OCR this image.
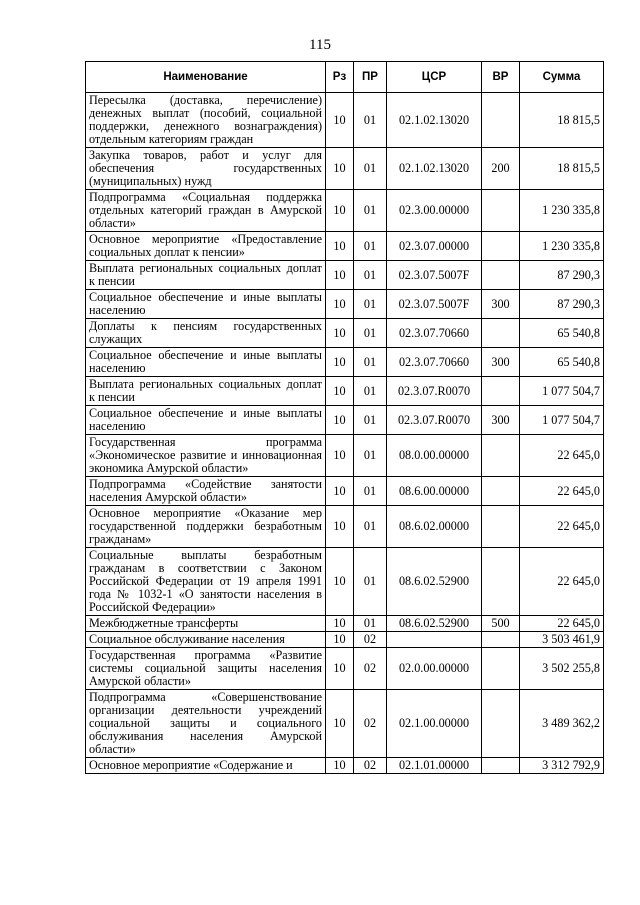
115
Наименование	Рз	ПР	ЦСР	ВР	Сумма
Пересылка (доставка, перечисление) денежных выплат (пособий, социальной поддержки, денежного вознаграждения) отдельным категориям граждан	10	01	02.1.02.13020		18 815,5
Закупка товаров, работ и услуг для обеспечения государственных (муниципальных) нужд	10	01	02.1.02.13020	200	18 815,5
Подпрограмма «Социальная поддержка отдельных категорий граждан в Амурской области»	10	01	02.3.00.00000		1 230 335,8
Основное мероприятие «Предоставление социальных доплат к пенсии»	10	01	02.3.07.00000		1 230 335,8
Выплата региональных социальных доплат к пенсии	10	01	02.3.07.5007F		87 290,3
Социальное обеспечение и иные выплаты населению	10	01	02.3.07.5007F	300	87 290,3
Доплаты к пенсиям государственных служащих	10	01	02.3.07.70660		65 540,8
Социальное обеспечение и иные выплаты населению	10	01	02.3.07.70660	300	65 540,8
Выплата региональных социальных доплат к пенсии	10	01	02.3.07.R0070		1 077 504,7
Социальное обеспечение и иные выплаты населению	10	01	02.3.07.R0070	300	1 077 504,7
Государственная программа «Экономическое развитие и инновационная экономика Амурской области»	10	01	08.0.00.00000		22 645,0
Подпрограмма «Содействие занятости населения Амурской области»	10	01	08.6.00.00000		22 645,0
Основное мероприятие «Оказание мер государственной поддержки безработным гражданам»	10	01	08.6.02.00000		22 645,0
Социальные выплаты безработным гражданам в соответствии с Законом Российской Федерации от 19 апреля 1991 года № 1032-1 «О занятости населения в Российской Федерации»	10	01	08.6.02.52900		22 645,0
Межбюджетные трансферты	10	01	08.6.02.52900	500	22 645,0
Социальное обслуживание населения	10	02			3 503 461,9
Государственная программа «Развитие системы социальной защиты населения Амурской области»	10	02	02.0.00.00000		3 502 255,8
Подпрограмма «Совершенствование организации деятельности учреждений социальной защиты и социального обслуживания населения Амурской области»	10	02	02.1.00.00000		3 489 362,2
Основное мероприятие «Содержание и	10	02	02.1.01.00000		3 312 792,9
